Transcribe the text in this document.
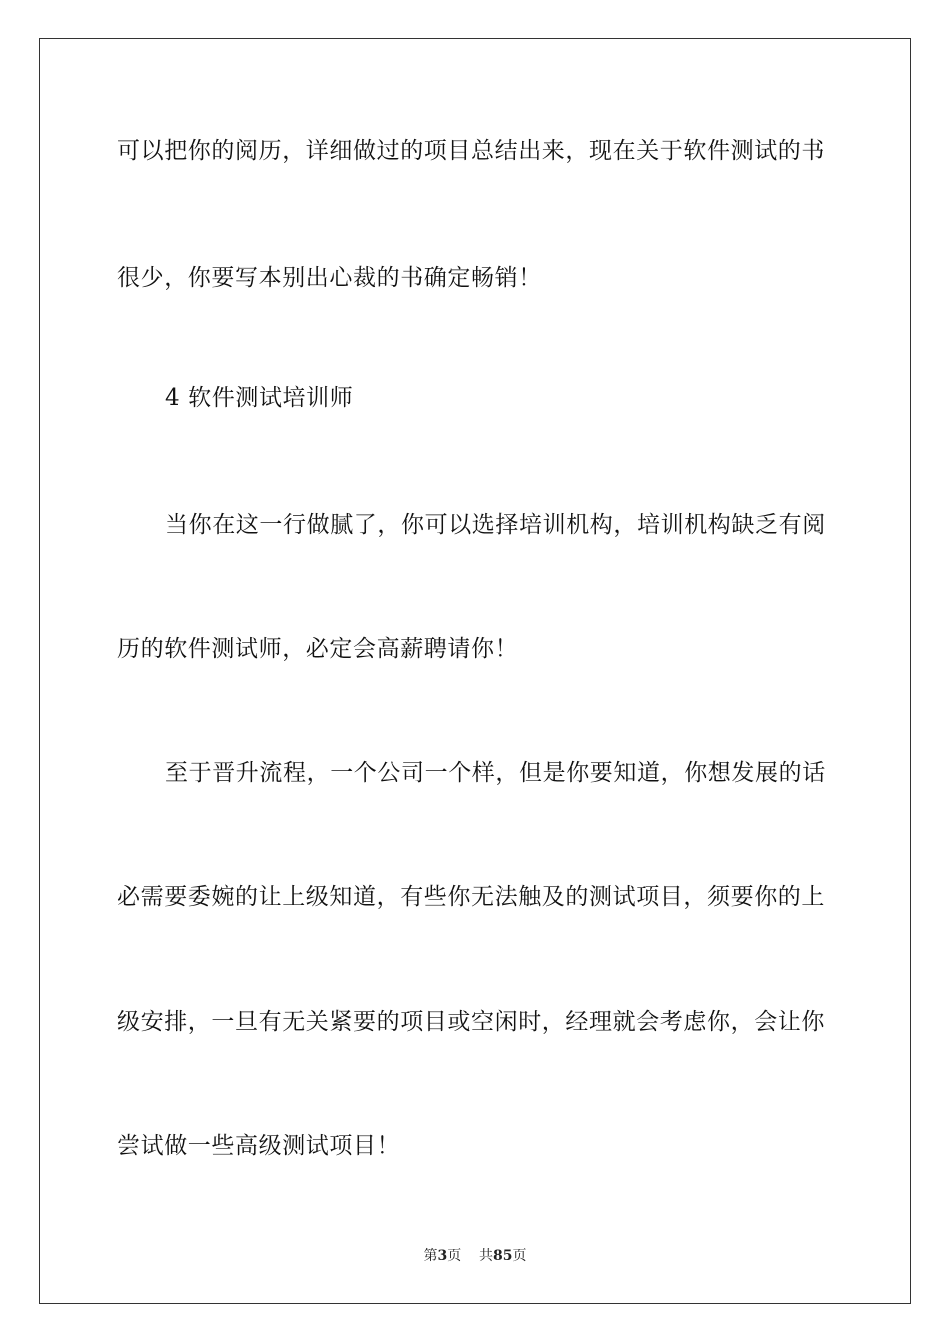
可以把你的阅历，详细做过的项目总结出来，现在关于软件测试的书
很少，你要写本别出心裁的书确定畅销！
4 软件测试培训师
当你在这一行做腻了，你可以选择培训机构，培训机构缺乏有阅
历的软件测试师，必定会高薪聘请你！
至于晋升流程，一个公司一个样，但是你要知道，你想发展的话
必需要委婉的让上级知道，有些你无法触及的测试项目，须要你的上
级安排，一旦有无关紧要的项目或空闲时，经理就会考虑你，会让你
尝试做一些高级测试项目！
第3页 共85页
